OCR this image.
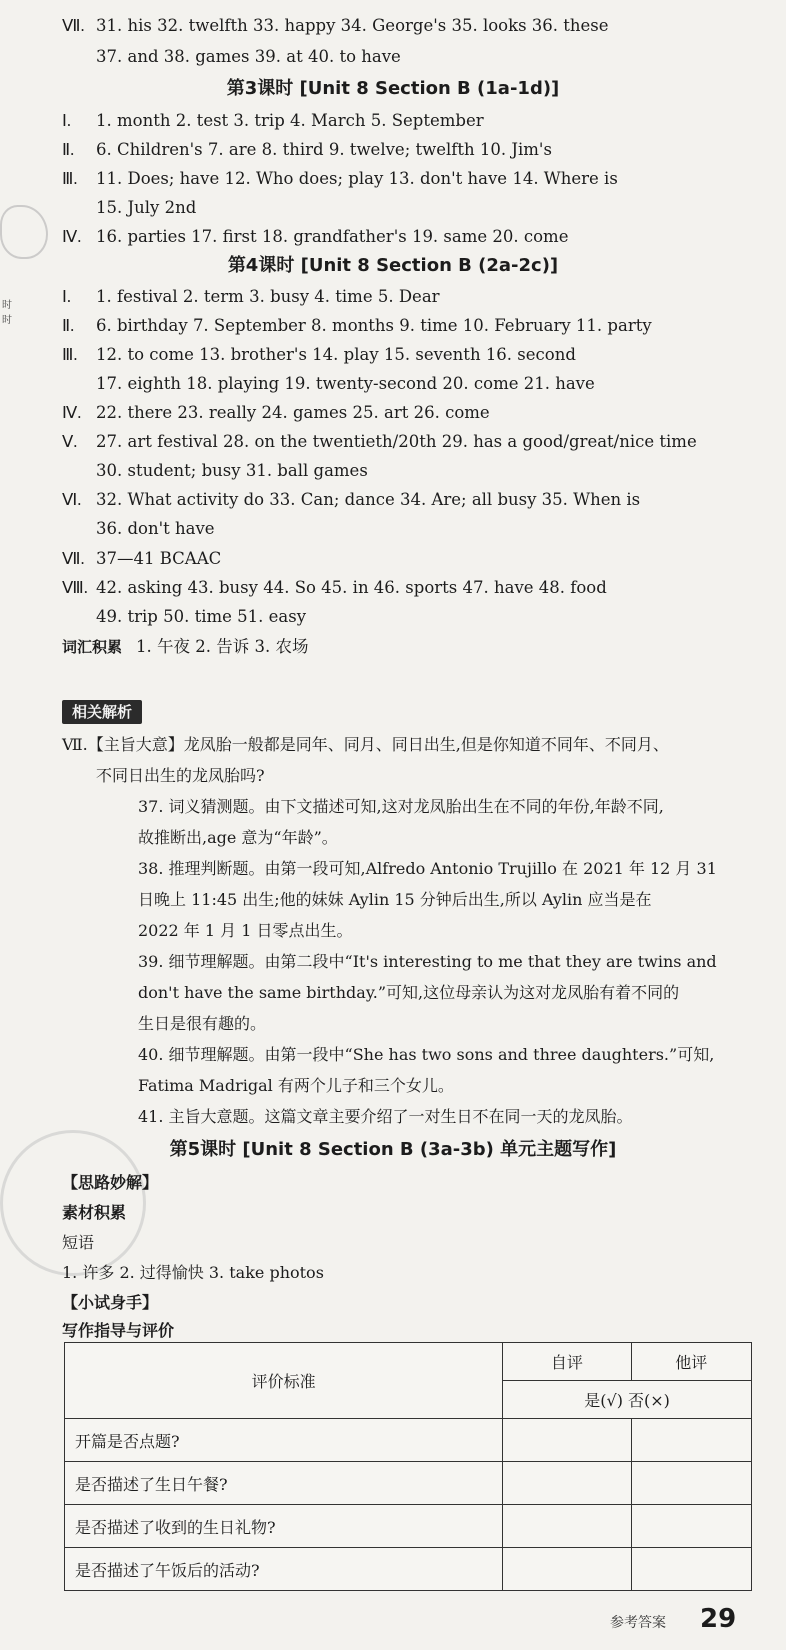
时
时
Ⅶ. 31. his 32. twelfth 33. happy 34. George's 35. looks 36. these
37. and 38. games 39. at 40. to have
第3课时 [Unit 8 Section B (1a-1d)]
Ⅰ. 1. month 2. test 3. trip 4. March 5. September
Ⅱ. 6. Children's 7. are 8. third 9. twelve; twelfth 10. Jim's
Ⅲ. 11. Does; have 12. Who does; play 13. don't have 14. Where is
15. July 2nd
Ⅳ. 16. parties 17. first 18. grandfather's 19. same 20. come
第4课时 [Unit 8 Section B (2a-2c)]
Ⅰ. 1. festival 2. term 3. busy 4. time 5. Dear
Ⅱ. 6. birthday 7. September 8. months 9. time 10. February 11. party
Ⅲ. 12. to come 13. brother's 14. play 15. seventh 16. second
17. eighth 18. playing 19. twenty-second 20. come 21. have
Ⅳ. 22. there 23. really 24. games 25. art 26. come
Ⅴ. 27. art festival 28. on the twentieth/20th 29. has a good/great/nice time
30. student; busy 31. ball games
Ⅵ. 32. What activity do 33. Can; dance 34. Are; all busy 35. When is
36. don't have
Ⅶ. 37—41 BCAAC
Ⅷ. 42. asking 43. busy 44. So 45. in 46. sports 47. have 48. food
49. trip 50. time 51. easy
词汇积累 1. 午夜 2. 告诉 3. 农场
相关解析
Ⅶ.【主旨大意】龙凤胎一般都是同年、同月、同日出生,但是你知道不同年、不同月、
不同日出生的龙凤胎吗?
37. 词义猜测题。由下文描述可知,这对龙凤胎出生在不同的年份,年龄不同,
故推断出,age 意为“年龄”。
38. 推理判断题。由第一段可知,Alfredo Antonio Trujillo 在 2021 年 12 月 31
日晚上 11:45 出生;他的妹妹 Aylin 15 分钟后出生,所以 Aylin 应当是在
2022 年 1 月 1 日零点出生。
39. 细节理解题。由第二段中“It's interesting to me that they are twins and
don't have the same birthday.”可知,这位母亲认为这对龙凤胎有着不同的
生日是很有趣的。
40. 细节理解题。由第一段中“She has two sons and three daughters.”可知,
Fatima Madrigal 有两个儿子和三个女儿。
41. 主旨大意题。这篇文章主要介绍了一对生日不在同一天的龙凤胎。
第5课时 [Unit 8 Section B (3a-3b) 单元主题写作]
【思路妙解】
素材积累
短语
1. 许多 2. 过得愉快 3. take photos
【小试身手】
写作指导与评价
评价标准	自评	他评
	是(√) 否(×)	
开篇是否点题?		
是否描述了生日午餐?		
是否描述了收到的生日礼物?		
是否描述了午饭后的活动?		
参考答案 29
